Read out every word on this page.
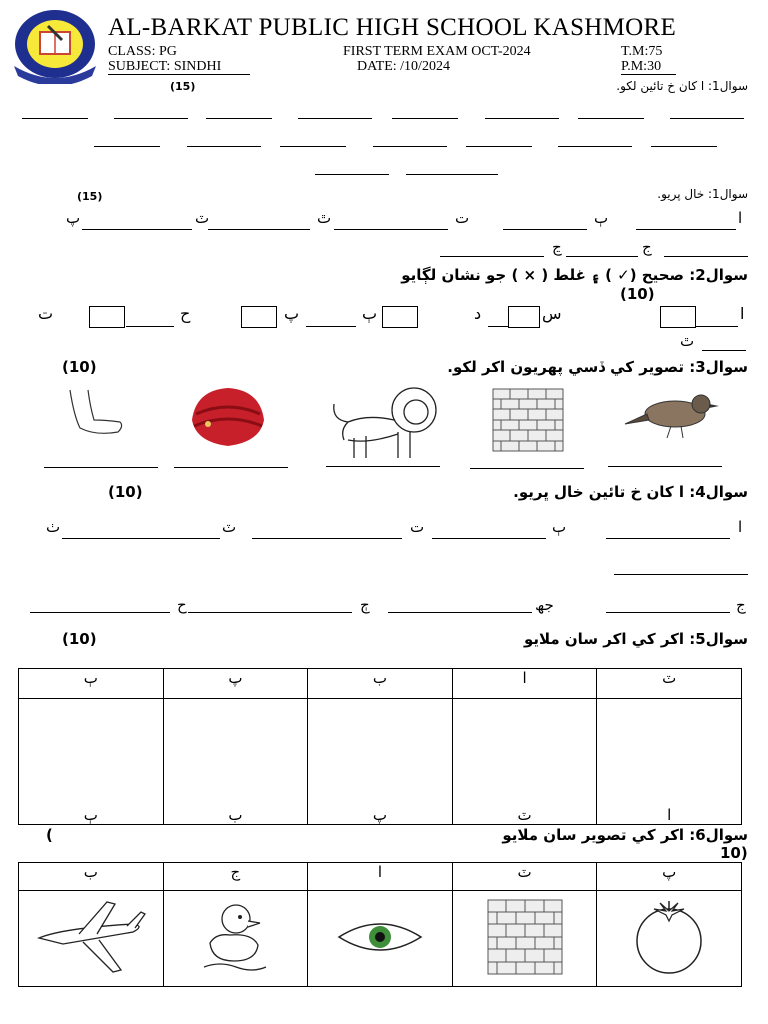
AL-BARKAT PUBLIC HIGH SCHOOL KASHMORE
CLASS: PG	FIRST TERM EXAM OCT-2024	T.M:75
SUBJECT: SINDHI	DATE: /10/2024	P.M:30
سوال1: ا کان خ تائين لکو.
(15)
سوال1: خال پريو.
(15)
ا
ٻ
ت
ٿ
ٽ
پ
ج
ڃ
سوال2: صحيح (✓ ) ۽ غلط ( × ) جو نشان لڳايو
(10)
ا
س
د
ٻ
پ
ح
ت
ٿ
سوال3: تصوير کي ڏسي پهريون اکر لکو.
(10)
سوال4: ا کان خ تائين خال ڀريو.
(10)
ا
ٻ
ت
ٽ
ٺ
ج
جھ
ڄ
ح
سوال5: اکر کي اکر سان ملايو
(10)
ٻ	پ	ب	ا	ٽ
ٻ	ب	پ	ٽ	ا
سوال6: اکر کي تصوير سان ملايو
(
10)
ب	ج	ا	ٽ	پ
